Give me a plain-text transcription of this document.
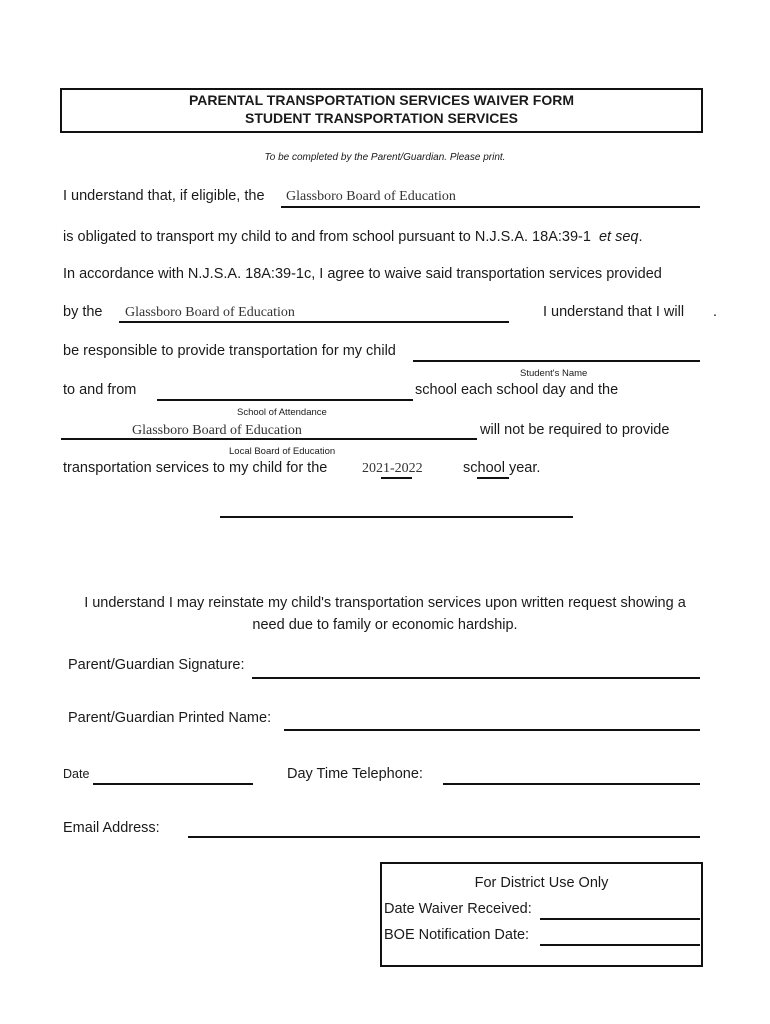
PARENTAL TRANSPORTATION SERVICES WAIVER FORM
STUDENT TRANSPORTATION SERVICES
To be completed by the Parent/Guardian. Please print.
I understand that, if eligible, the Glassboro Board of Education
is obligated to transport my child to and from school pursuant to N.J.S.A. 18A:39-1 et seq.
In accordance with N.J.S.A. 18A:39-1c, I agree to waive said transportation services provided
by the Glassboro Board of Education	I understand that I will .
be responsible to provide transportation for my child
Student's Name
to and from	school each school day and the
School of Attendance
Glassboro Board of Education	will not be required to provide
Local Board of Education
transportation services to my child for the 2021-2022	school year.
I understand I may reinstate my child's transportation services upon written request showing a
need due to family or economic hardship.
Parent/Guardian Signature:
Parent/Guardian Printed Name:
Date	Day Time Telephone:
Email Address:
For District Use Only
Date Waiver Received:
BOE Notification Date:
